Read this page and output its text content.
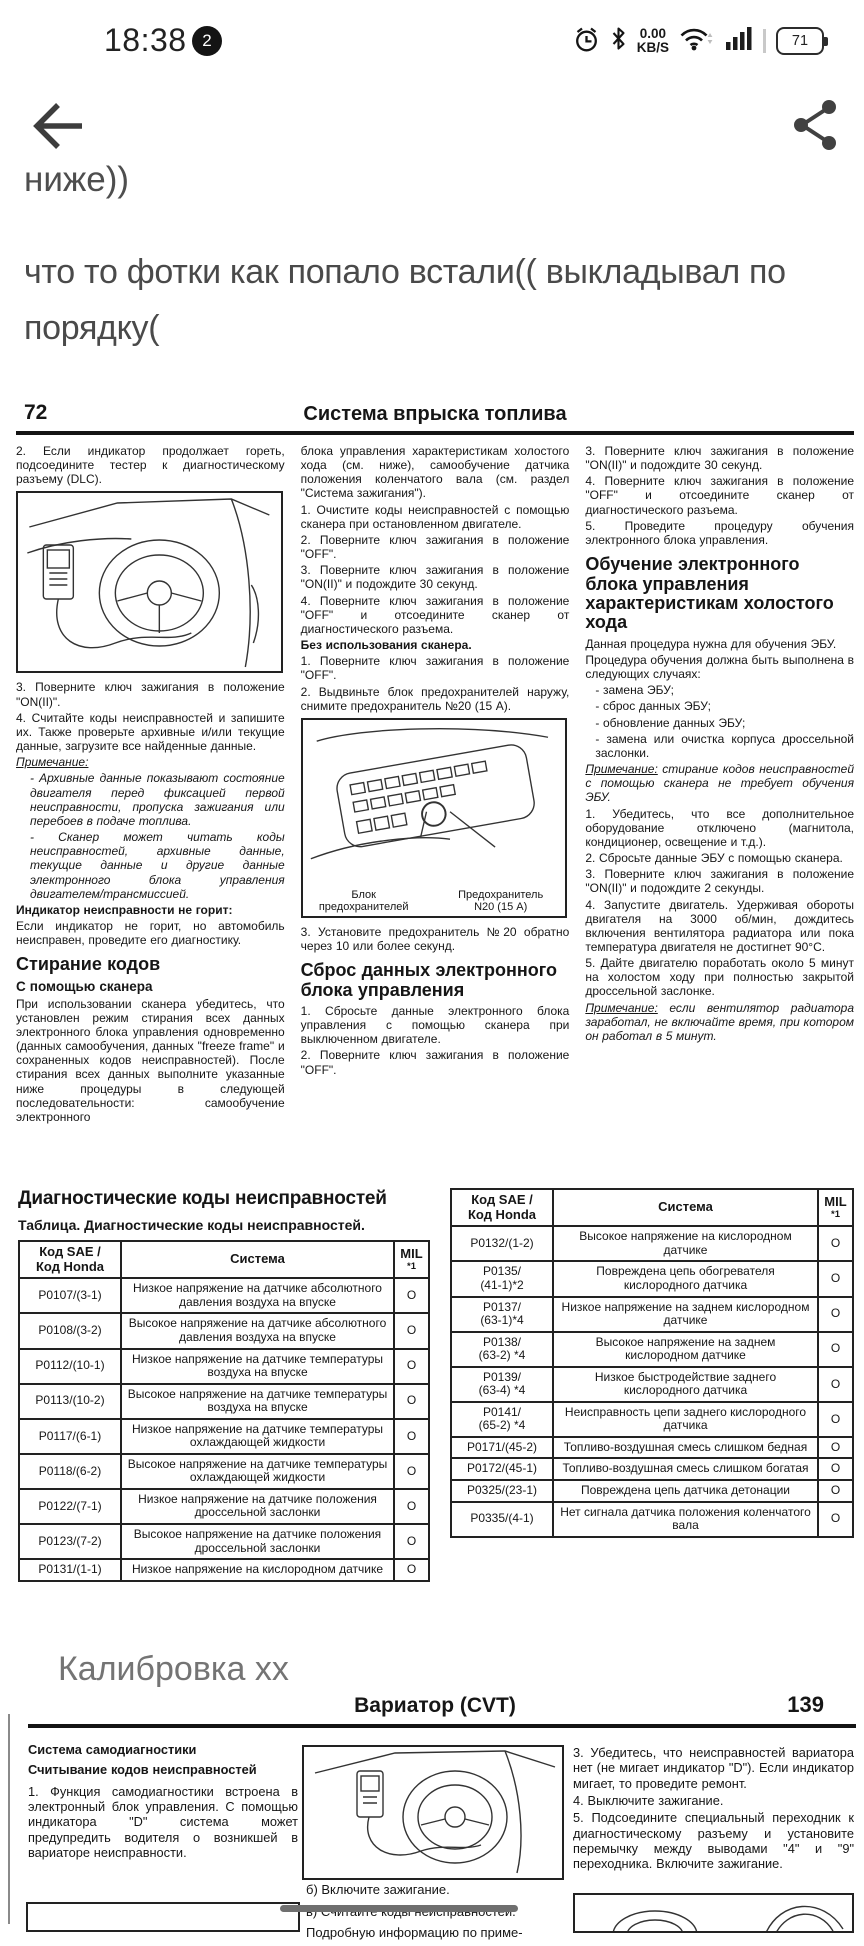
18:38 2	0.00
KB/S	71
ниже))
что то фотки как попало встали(( выкладывал по порядку(
72	Система впрыска топлива

2. Если индикатор продолжает гореть, подсоедините тестер к диагностическому разъему (DLC).

3. Поверните ключ зажигания в положение "ON(II)".

4. Считайте коды неисправностей и запишите их. Также проверьте архивные и/или текущие данные, загрузите все найденные данные.

Примечание:

- Архивные данные показывают состояние двигателя перед фиксацией первой неисправности, пропуска зажигания или перебоев в подаче топлива.

- Сканер может читать коды неисправностей, архивные данные, текущие данные и другие данные электронного блока управления двигателем/трансмиссией.

Индикатор неисправности не горит:

Если индикатор не горит, но автомобиль неисправен, проведите его диагностику.

Стирание кодов

С помощью сканера

При использовании сканера убедитесь, что установлен режим стирания всех данных электронного блока управления одновременно (данных самообучения, данных "freeze frame" и сохраненных кодов неисправностей). После стирания всех данных выполните указанные ниже процедуры в следующей последовательности: самообучение электронного

блока управления характеристикам холостого хода (см. ниже), самообучение датчика положения коленчатого вала (см. раздел "Система зажигания").

1. Очистите коды неисправностей с помощью сканера при остановленном двигателе.

2. Поверните ключ зажигания в положение "OFF".

3. Поверните ключ зажигания в положение "ON(II)" и подождите 30 секунд.

4. Поверните ключ зажигания в положение "OFF" и отсоедините сканер от диагностического разъема.

Без использования сканера.

1. Поверните ключ зажигания в положение "OFF".

2. Выдвиньте блок предохранителей наружу, снимите предохранитель №20 (15 А).

Блок
предохранителей
Предохранитель
N20 (15 А)

3. Установите предохранитель №20 обратно через 10 или более секунд.

Сброс данных электронного блока управления

1. Сбросьте данные электронного блока управления с помощью сканера при выключенном двигателе.

2. Поверните ключ зажигания в положение "OFF".

3. Поверните ключ зажигания в положение "ON(II)" и подождите 30 секунд.

4. Поверните ключ зажигания в положение "OFF" и отсоедините сканер от диагностического разъема.

5. Проведите процедуру обучения электронного блока управления.

Обучение электронного блока управления характеристикам холостого хода

Данная процедура нужна для обучения ЭБУ.

Процедура обучения должна быть выполнена в следующих случаях:

- замена ЭБУ;

- сброс данных ЭБУ;

- обновление данных ЭБУ;

- замена или очистка корпуса дроссельной заслонки.

Примечание: стирание кодов неисправностей с помощью сканера не требует обучения ЭБУ.

1. Убедитесь, что все дополнительное оборудование отключено (магнитола, кондиционер, освещение и т.д.).

2. Сбросьте данные ЭБУ с помощью сканера.

3. Поверните ключ зажигания в положение "ON(II)" и подождите 2 секунды.

4. Запустите двигатель. Удерживая обороты двигателя на 3000 об/мин, дождитесь включения вентилятора радиатора или пока температура двигателя не достигнет 90°C.

5. Дайте двигателю поработать около 5 минут на холостом ходу при полностью закрытой дроссельной заслонке.

Примечание: если вентилятор радиатора заработал, не включайте время, при котором он работал в 5 минут.

Диагностические коды неисправностей

Таблица. Диагностические коды неисправностей.

Код SAE /
Код Honda	Система	MIL
*1

P0107/(3-1)	Низкое напряжение на датчике абсолютного давления воздуха на впуске	O

P0108/(3-2)	Высокое напряжение на датчике абсолютного давления воздуха на впуске	O

P0112/(10-1)	Низкое напряжение на датчике температуры воздуха на впуске	O

P0113/(10-2)	Высокое напряжение на датчике температуры воздуха на впуске	O

P0117/(6-1)	Низкое напряжение на датчике температуры охлаждающей жидкости	O

P0118/(6-2)	Высокое напряжение на датчике температуры охлаждающей жидкости	O

P0122/(7-1)	Низкое напряжение на датчике положения дроссельной заслонки	O

P0123/(7-2)	Высокое напряжение на датчике положения дроссельной заслонки	O

P0131/(1-1)	Низкое напряжение на кислородном датчике	O
Код SAE /
Код Honda	Система	MIL
*1

P0132/(1-2)	Высокое напряжение на кислородном датчике	O

P0135/
(41-1)*2	Повреждена цепь обогревателя кислородного датчика	O

P0137/
(63-1)*4	Низкое напряжение на заднем кислородном датчике	O

P0138/
(63-2) *4	Высокое напряжение на заднем кислородном датчике	O

P0139/
(63-4) *4	Низкое быстродействие заднего кислородного датчика	O

P0141/
(65-2) *4	Неисправность цепи заднего кислородного датчика	O

P0171/(45-2)	Топливо-воздушная смесь слишком бедная	O

P0172/(45-1)	Топливо-воздушная смесь слишком богатая	O

P0325/(23-1)	Повреждена цепь датчика детонации	O

P0335/(4-1)	Нет сигнала датчика положения коленчатого вала	O
Калибровка хх
Вариатор (CVT)	139

Система самодиагностики

Считывание кодов неисправностей

1. Функция самодиагностики встроена в электронный блок управления. С помощью индикатора "D" система может предупредить водителя о возникшей в вариаторе неисправности.

б) Включите зажигание.

Подробную информацию по приме-

3. Убедитесь, что неисправностей вариатора нет (не мигает индикатор "D"). Если индикатор мигает, то проведите ремонт.

4. Выключите зажигание.

5. Подсоедините специальный переходник к диагностическому разъему и установите перемычку между выводами "4" и "9" переходника. Включите зажигание.
